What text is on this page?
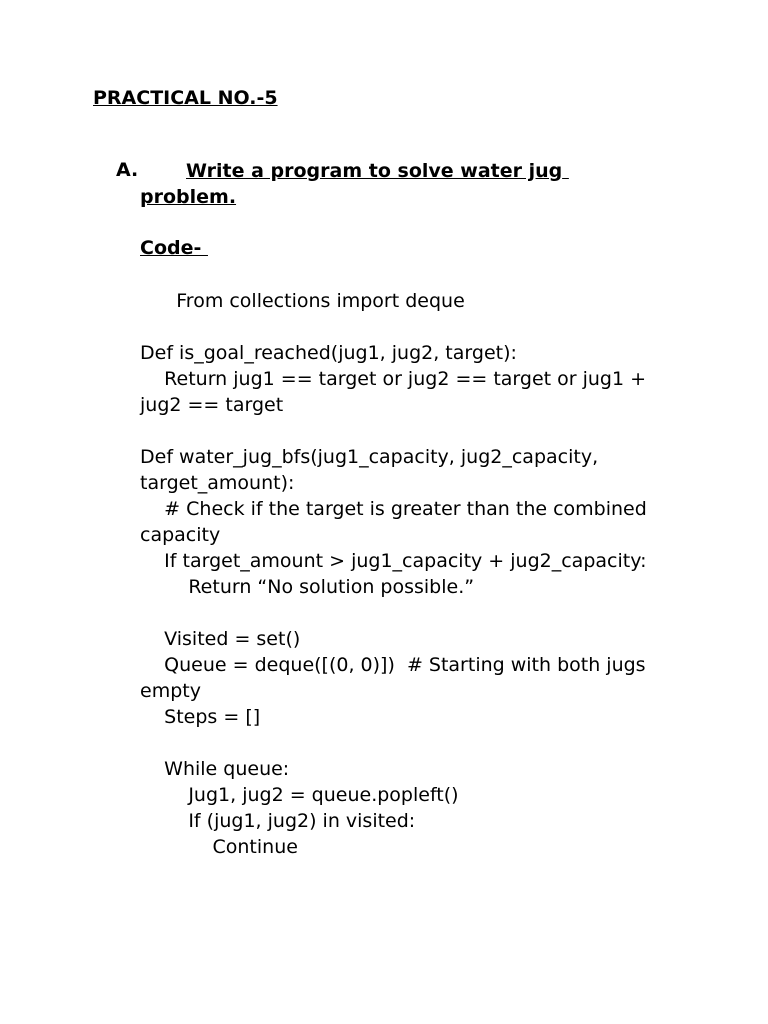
PRACTICAL NO.-5
A.	Write a program to solve water jug problem.
Code-
From collections import deque
Def is_goal_reached(jug1, jug2, target):
Return jug1 == target or jug2 == target or jug1 + jug2 == target
Def water_jug_bfs(jug1_capacity, jug2_capacity, target_amount):
# Check if the target is greater than the combined capacity
If target_amount > jug1_capacity + jug2_capacity:
Return “No solution possible.”
Visited = set()
Queue = deque([(0, 0)])  # Starting with both jugs empty
Steps = []
While queue:
Jug1, jug2 = queue.popleft()
If (jug1, jug2) in visited:
Continue
